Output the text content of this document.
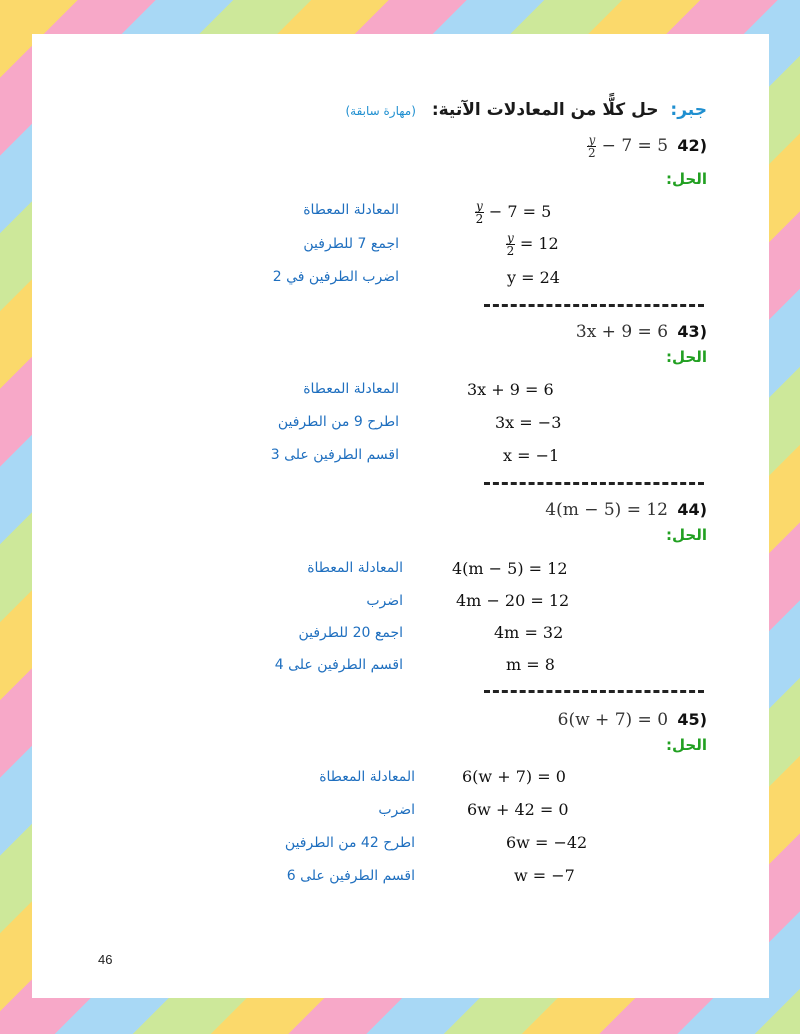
جبر: حل كلًّا من المعادلات الآتية: (مهارة سابقة)
$\frac{y}{2} - 7 = 5$ 42)
الحل:
$\frac{y}{2} - 7 = 5$
المعادلة المعطاة
$\frac{y}{2} = 12$
اجمع 7 للطرفين
y = 24
اضرب الطرفين في 2
3x + 9 = 6 43)
الحل:
3x + 9 = 6
المعادلة المعطاة
3x = −3
اطرح 9 من الطرفين
x = −1
اقسم الطرفين على 3
4(m − 5) = 12 44)
الحل:
4(m − 5) = 12
المعادلة المعطاة
4m − 20 = 12
اضرب
4m = 32
اجمع 20 للطرفين
m = 8
اقسم الطرفين على 4
6(w + 7) = 0 45)
الحل:
6(w + 7) = 0
المعادلة المعطاة
6w + 42 = 0
اضرب
6w = −42
اطرح 42 من الطرفين
w = −7
اقسم الطرفين على 6
46
